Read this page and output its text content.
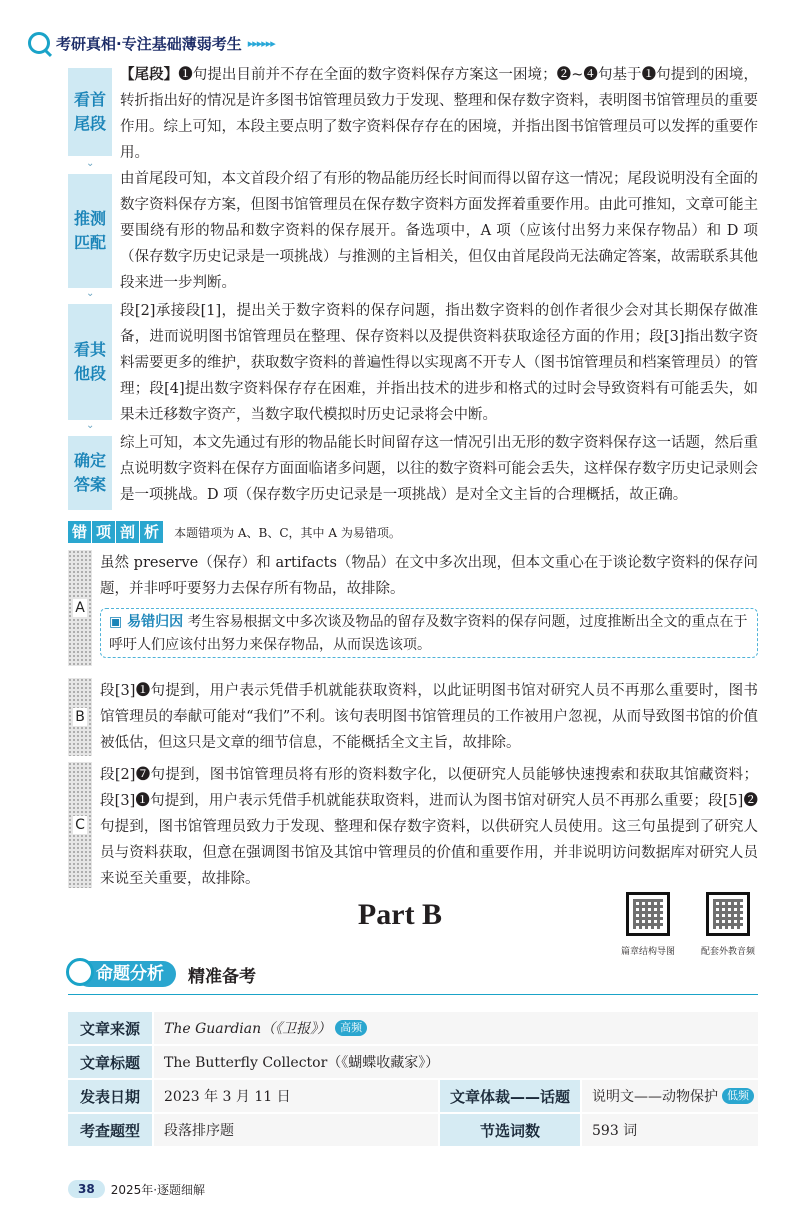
考研真相·专注基础薄弱考生 ▸▸▸▸▸▸
看首
尾段
⌄
【尾段】❶句提出目前并不存在全面的数字资料保存方案这一困境；❷~❹句基于❶句提到的困境，转折指出好的情况是许多图书馆管理员致力于发现、整理和保存数字资料，表明图书馆管理员的重要作用。综上可知，本段主要点明了数字资料保存存在的困境，并指出图书馆管理员可以发挥的重要作用。
推测
匹配
⌄
由首尾段可知，本文首段介绍了有形的物品能历经长时间而得以留存这一情况；尾段说明没有全面的数字资料保存方案，但图书馆管理员在保存数字资料方面发挥着重要作用。由此可推知，文章可能主要围绕有形的物品和数字资料的保存展开。备选项中，A 项（应该付出努力来保存物品）和 D 项（保存数字历史记录是一项挑战）与推测的主旨相关，但仅由首尾段尚无法确定答案，故需联系其他段来进一步判断。
看其
他段
⌄
段[2]承接段[1]，提出关于数字资料的保存问题，指出数字资料的创作者很少会对其长期保存做准备，进而说明图书馆管理员在整理、保存资料以及提供资料获取途径方面的作用；段[3]指出数字资料需要更多的维护，获取数字资料的普遍性得以实现离不开专人（图书馆管理员和档案管理员）的管理；段[4]提出数字资料保存存在困难，并指出技术的进步和格式的过时会导致资料有可能丢失，如果未迁移数字资产，当数字取代模拟时历史记录将会中断。
确定
答案
综上可知，本文先通过有形的物品能长时间留存这一情况引出无形的数字资料保存这一话题，然后重点说明数字资料在保存方面面临诸多问题，以往的数字资料可能会丢失，这样保存数字历史记录则会是一项挑战。D 项（保存数字历史记录是一项挑战）是对全文主旨的合理概括，故正确。
错 项 剖 析	本题错项为 A、B、C，其中 A 为易错项。
A
虽然 preserve（保存）和 artifacts（物品）在文中多次出现，但本文重心在于谈论数字资料的保存问题，并非呼吁要努力去保存所有物品，故排除。
▣ 易错归因 考生容易根据文中多次谈及物品的留存及数字资料的保存问题，过度推断出全文的重点在于呼吁人们应该付出努力来保存物品，从而误选该项。
B
段[3]❶句提到，用户表示凭借手机就能获取资料，以此证明图书馆对研究人员不再那么重要时，图书馆管理员的奉献可能对“我们”不利。该句表明图书馆管理员的工作被用户忽视，从而导致图书馆的价值被低估，但这只是文章的细节信息，不能概括全文主旨，故排除。
C
段[2]❼句提到，图书馆管理员将有形的资料数字化，以便研究人员能够快速搜索和获取其馆藏资料；段[3]❶句提到，用户表示凭借手机就能获取资料，进而认为图书馆对研究人员不再那么重要；段[5]❷句提到，图书馆管理员致力于发现、整理和保存数字资料，以供研究人员使用。这三句虽提到了研究人员与资料获取，但意在强调图书馆及其馆中管理员的价值和重要作用，并非说明访问数据库对研究人员来说至关重要，故排除。
Part B
篇章结构导图	配套外教音频
命题分析	精准备考
文章来源	The Guardian（《卫报》） 高频
文章标题	The Butterfly Collector（《蝴蝶收藏家》）
发表日期	2023 年 3 月 11 日	文章体裁——话题	说明文——动物保护 低频
考查题型	段落排序题	节选词数	593 词
38	2025年·逐题细解
